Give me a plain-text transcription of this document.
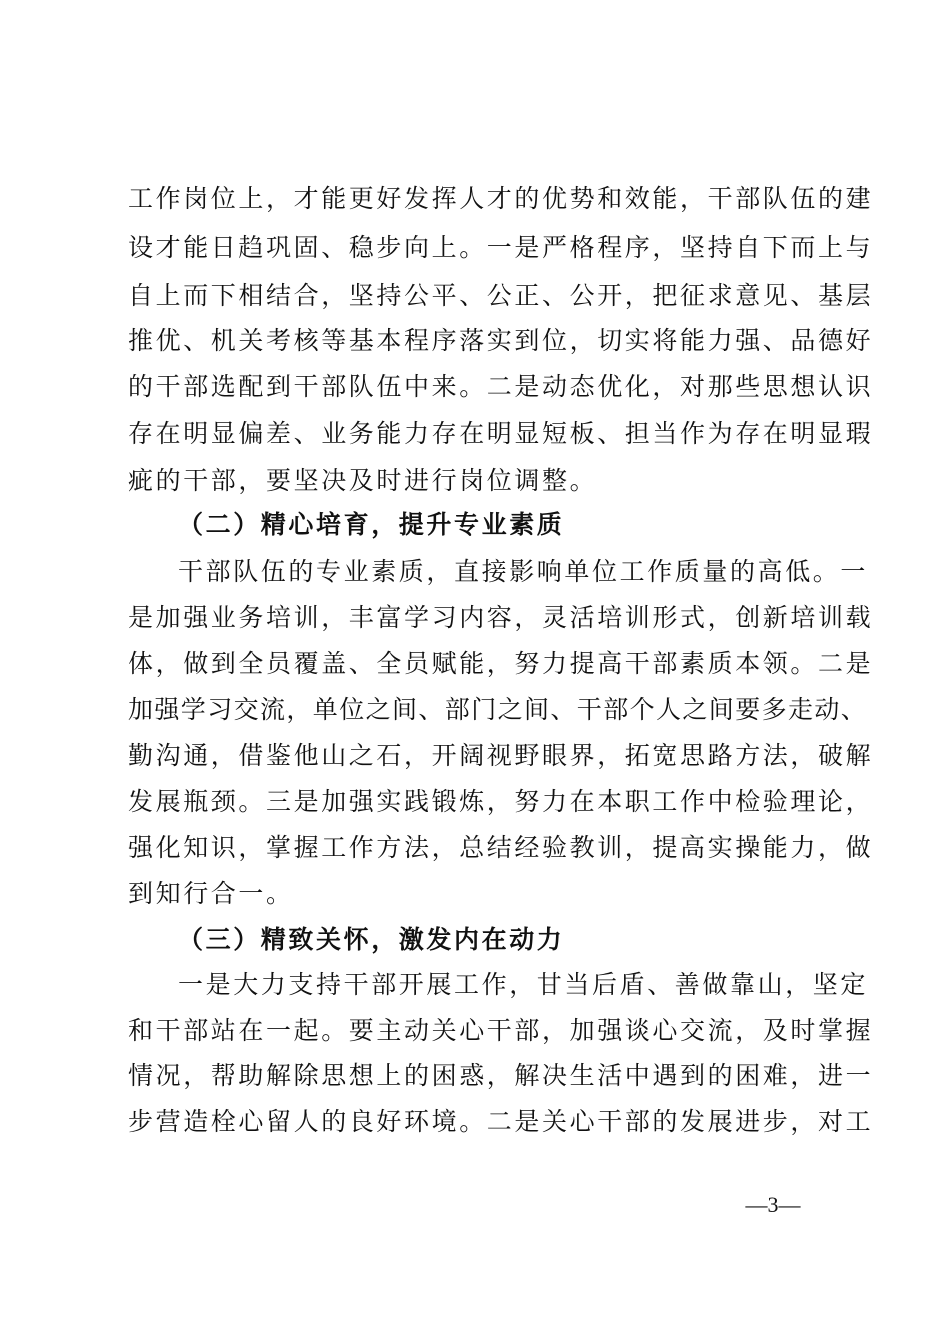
工作岗位上，才能更好发挥人才的优势和效能，干部队伍的建
设才能日趋巩固、稳步向上。一是严格程序，坚持自下而上与
自上而下相结合，坚持公平、公正、公开，把征求意见、基层
推优、机关考核等基本程序落实到位，切实将能力强、品德好
的干部选配到干部队伍中来。二是动态优化，对那些思想认识
存在明显偏差、业务能力存在明显短板、担当作为存在明显瑕
疵的干部，要坚决及时进行岗位调整。
（二）精心培育，提升专业素质
干部队伍的专业素质，直接影响单位工作质量的高低。一
是加强业务培训，丰富学习内容，灵活培训形式，创新培训载
体，做到全员覆盖、全员赋能，努力提高干部素质本领。二是
加强学习交流，单位之间、部门之间、干部个人之间要多走动、
勤沟通，借鉴他山之石，开阔视野眼界，拓宽思路方法，破解
发展瓶颈。三是加强实践锻炼，努力在本职工作中检验理论，
强化知识，掌握工作方法，总结经验教训，提高实操能力，做
到知行合一。
（三）精致关怀，激发内在动力
一是大力支持干部开展工作，甘当后盾、善做靠山，坚定
和干部站在一起。要主动关心干部，加强谈心交流，及时掌握
情况，帮助解除思想上的困惑，解决生活中遇到的困难，进一
步营造栓心留人的良好环境。二是关心干部的发展进步，对工
—3—
